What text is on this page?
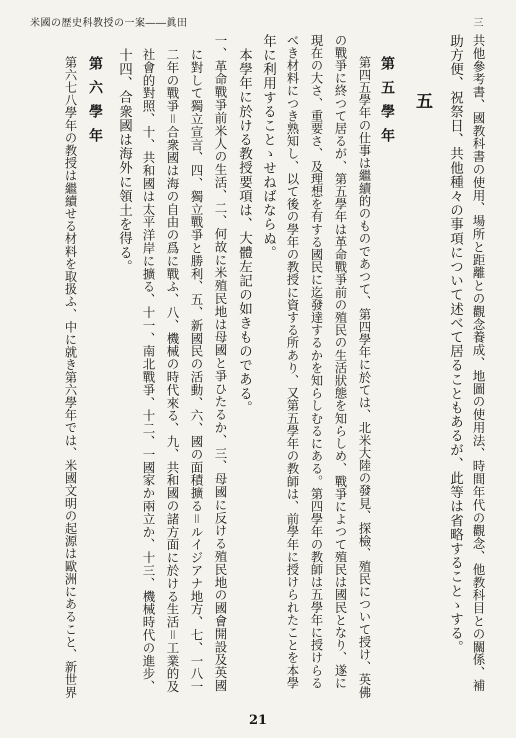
米國の歴史科教授の一案――眞田	三
共他參考書、國教科書の使用、場所と距離との觀念養成、地圖の使用法、時間年代の觀念、他教科目との關係、補
助方便、祝祭日、共他種々の事項について述べて居ることもあるが、此等は省略することゝする。
五
第五學年
第四五學年の仕事は繼續的のものであつて、第四學年に於ては、北米大陸の發見、探檢、殖民について授け、英佛
の戰爭に終つて居るが、第五學年は革命戰爭前の殖民の生活狀態を知らしめ、戰爭によつて殖民は國民となり、遂に
現在の大さ、重要さ、及理想を有する國民に迄發達するかを知らしむるにある。第四學年の教師は五學年に授けらる
べき材料につき熟知し、以て後の學年の教授に資する所あり、又第五學年の教師は、前學年に授けられたことを本學
年に利用することゝせねばならぬ。
本學年に於ける教授要項は、大體左記の如きものである。
一、革命戰爭前米人の生活、二、何故に米殖民地は母國と爭ひたるか、三、母國に反ける殖民地の國會開設及英國
に對して獨立宣言、四、獨立戰爭と勝利、五、新國民の活動、六、國の面積擴る＝ルイジアナ地方、七、一八一
二年の戰爭＝合衆國は海の自由の爲に戰ふ、八、機械の時代來る、九、共和國の諸方面に於ける生活＝工業的及
社會的對照、十、共和國は太平洋岸に擴る、十一、南北戰爭、十二、一國家か兩立か、十三、機械時代の進步、
十四、合衆國は海外に領土を得る。
第六學年
第六七八學年の教授は繼續せる材料を取扱ふ、中に就き第六學年では、米國文明の起源は歐洲にあること、新世界
21
